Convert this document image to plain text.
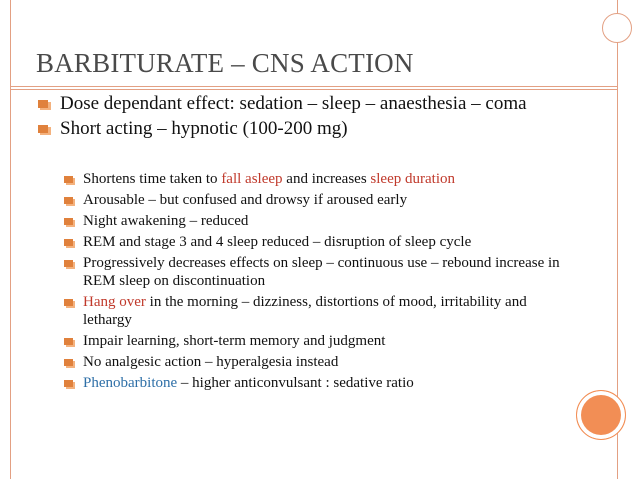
BARBITURATE – CNS ACTION
Dose dependant effect: sedation – sleep – anaesthesia – coma
Short acting – hypnotic (100-200 mg)
Shortens time taken to fall asleep and increases sleep duration
Arousable – but confused and drowsy if aroused early
Night awakening – reduced
REM and stage 3 and 4 sleep reduced – disruption of sleep cycle
Progressively decreases effects on sleep – continuous use – rebound increase in REM sleep on discontinuation
Hang over in the morning – dizziness, distortions of mood, irritability and lethargy
Impair learning, short-term memory and judgment
No analgesic action – hyperalgesia instead
Phenobarbitone – higher anticonvulsant : sedative ratio
